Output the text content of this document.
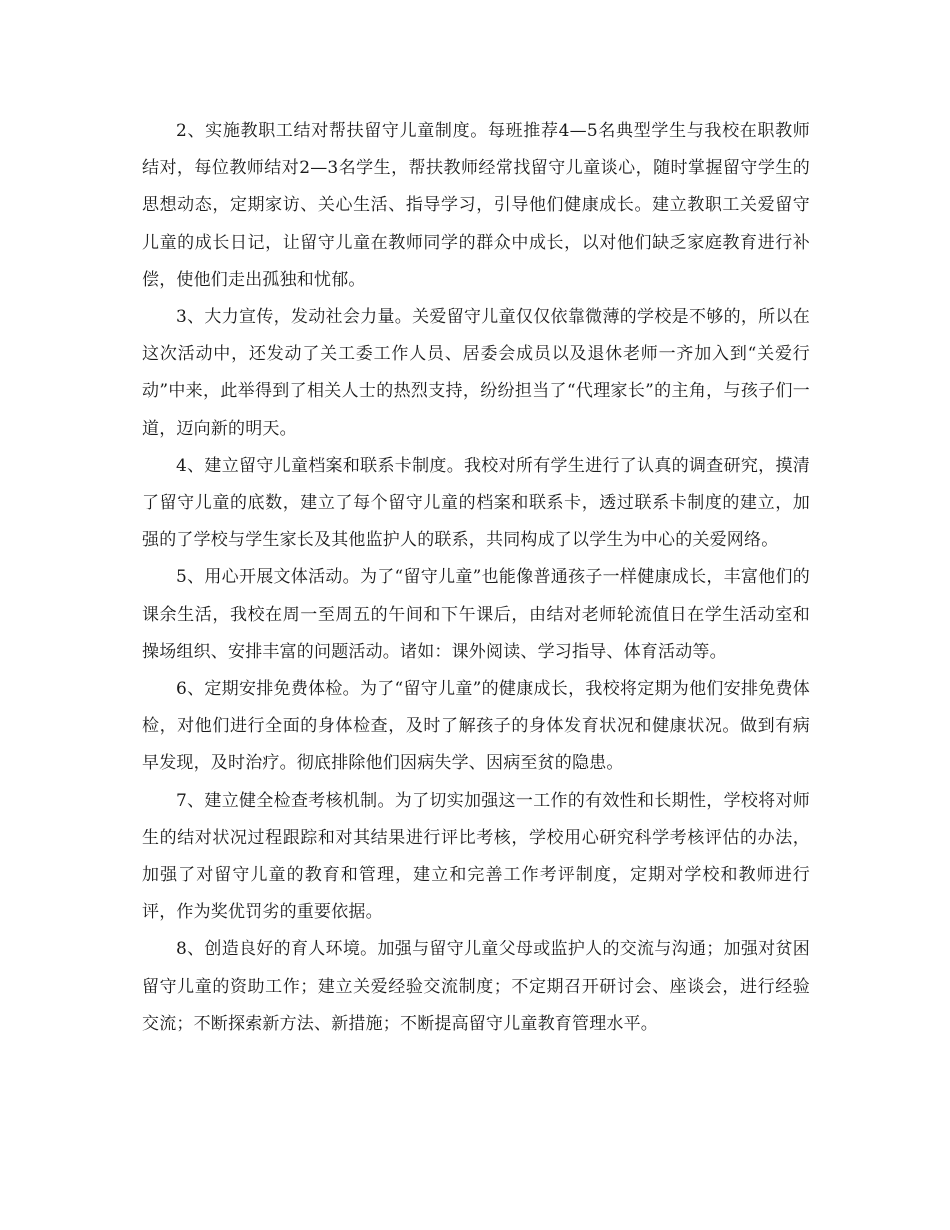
2、实施教职工结对帮扶留守儿童制度。每班推荐4—5名典型学生与我校在职教师结对，每位教师结对2—3名学生，帮扶教师经常找留守儿童谈心，随时掌握留守学生的思想动态，定期家访、关心生活、指导学习，引导他们健康成长。建立教职工关爱留守儿童的成长日记，让留守儿童在教师同学的群众中成长，以对他们缺乏家庭教育进行补偿，使他们走出孤独和忧郁。

3、大力宣传，发动社会力量。关爱留守儿童仅仅依靠微薄的学校是不够的，所以在这次活动中，还发动了关工委工作人员、居委会成员以及退休老师一齐加入到“关爱行动”中来，此举得到了相关人士的热烈支持，纷纷担当了“代理家长”的主角，与孩子们一道，迈向新的明天。

4、建立留守儿童档案和联系卡制度。我校对所有学生进行了认真的调查研究，摸清了留守儿童的底数，建立了每个留守儿童的档案和联系卡，透过联系卡制度的建立，加强的了学校与学生家长及其他监护人的联系，共同构成了以学生为中心的关爱网络。

5、用心开展文体活动。为了“留守儿童”也能像普通孩子一样健康成长，丰富他们的课余生活，我校在周一至周五的午间和下午课后，由结对老师轮流值日在学生活动室和操场组织、安排丰富的问题活动。诸如：课外阅读、学习指导、体育活动等。

6、定期安排免费体检。为了“留守儿童”的健康成长，我校将定期为他们安排免费体检，对他们进行全面的身体检查，及时了解孩子的身体发育状况和健康状况。做到有病早发现，及时治疗。彻底排除他们因病失学、因病至贫的隐患。

7、建立健全检查考核机制。为了切实加强这一工作的有效性和长期性，学校将对师生的结对状况过程跟踪和对其结果进行评比考核，学校用心研究科学考核评估的办法，加强了对留守儿童的教育和管理，建立和完善工作考评制度，定期对学校和教师进行评，作为奖优罚劣的重要依据。

8、创造良好的育人环境。加强与留守儿童父母或监护人的交流与沟通；加强对贫困留守儿童的资助工作；建立关爱经验交流制度；不定期召开研讨会、座谈会，进行经验交流；不断探索新方法、新措施；不断提高留守儿童教育管理水平。
